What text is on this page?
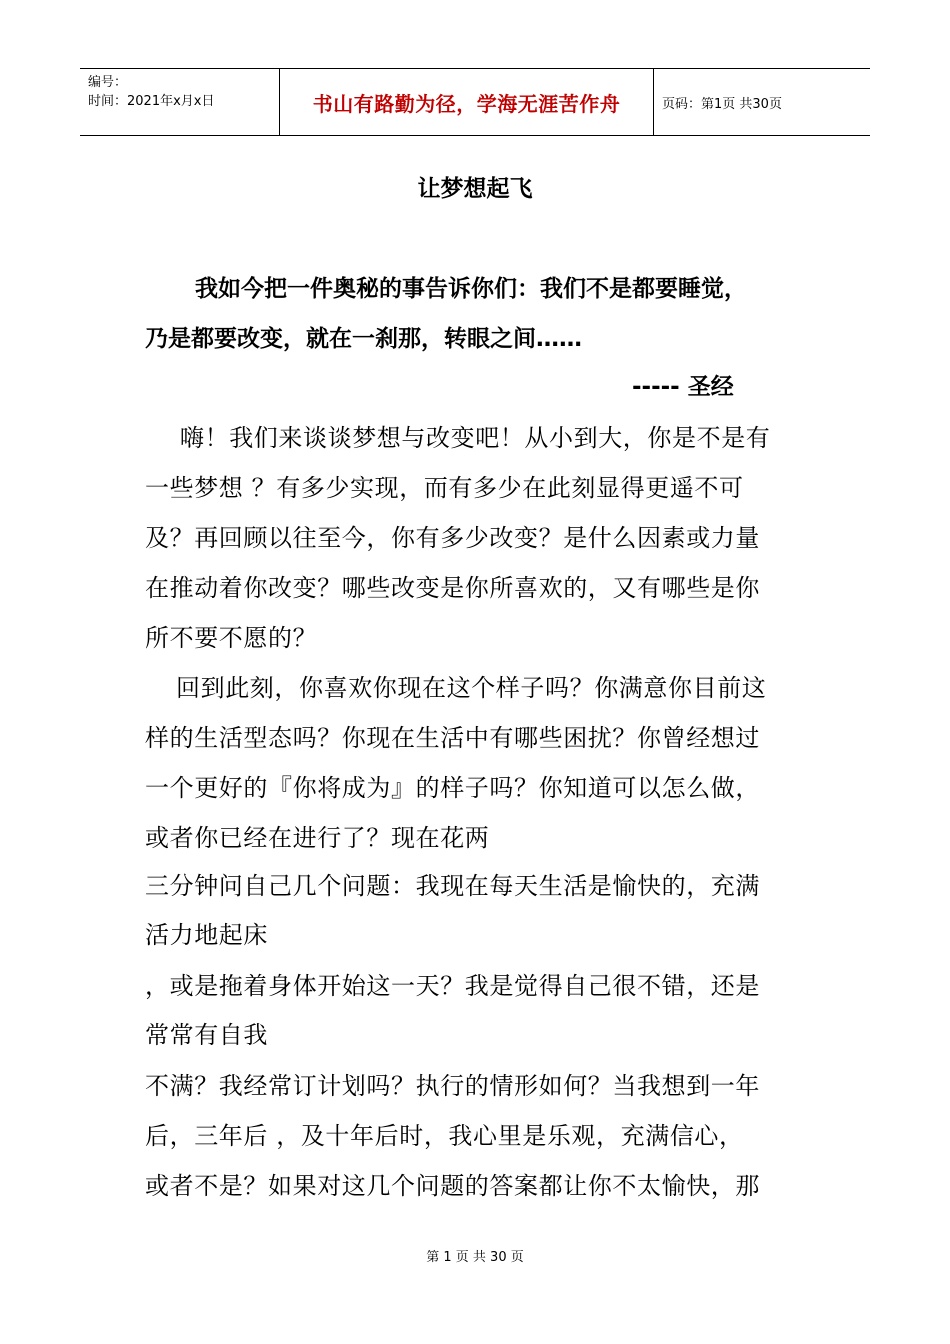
编号：
时间：2021年x月x日	书山有路勤为径，学海无涯苦作舟	页码：第1页 共30页
让梦想起飞
我如今把一件奥秘的事告诉你们：我们不是都要睡觉，
乃是都要改变，就在一刹那，转眼之间……
----- 圣经
嗨！我们来谈谈梦想与改变吧！从小到大，你是不是有
一些梦想 ？有多少实现，而有多少在此刻显得更遥不可
及？再回顾以往至今，你有多少改变？是什么因素或力量
在推动着你改变？哪些改变是你所喜欢的，又有哪些是你
所不要不愿的？
回到此刻，你喜欢你现在这个样子吗？你满意你目前这
样的生活型态吗？你现在生活中有哪些困扰？你曾经想过
一个更好的『你将成为』的样子吗？你知道可以怎么做，
或者你已经在进行了？现在花两
三分钟问自己几个问题：我现在每天生活是愉快的，充满
活力地起床
，或是拖着身体开始这一天？我是觉得自己很不错，还是
常常有自我
不满？我经常订计划吗？执行的情形如何？当我想到一年
后，三年后 ，及十年后时，我心里是乐观，充满信心，
或者不是？如果对这几个问题的答案都让你不太愉快，那
第 1 页 共 30 页
